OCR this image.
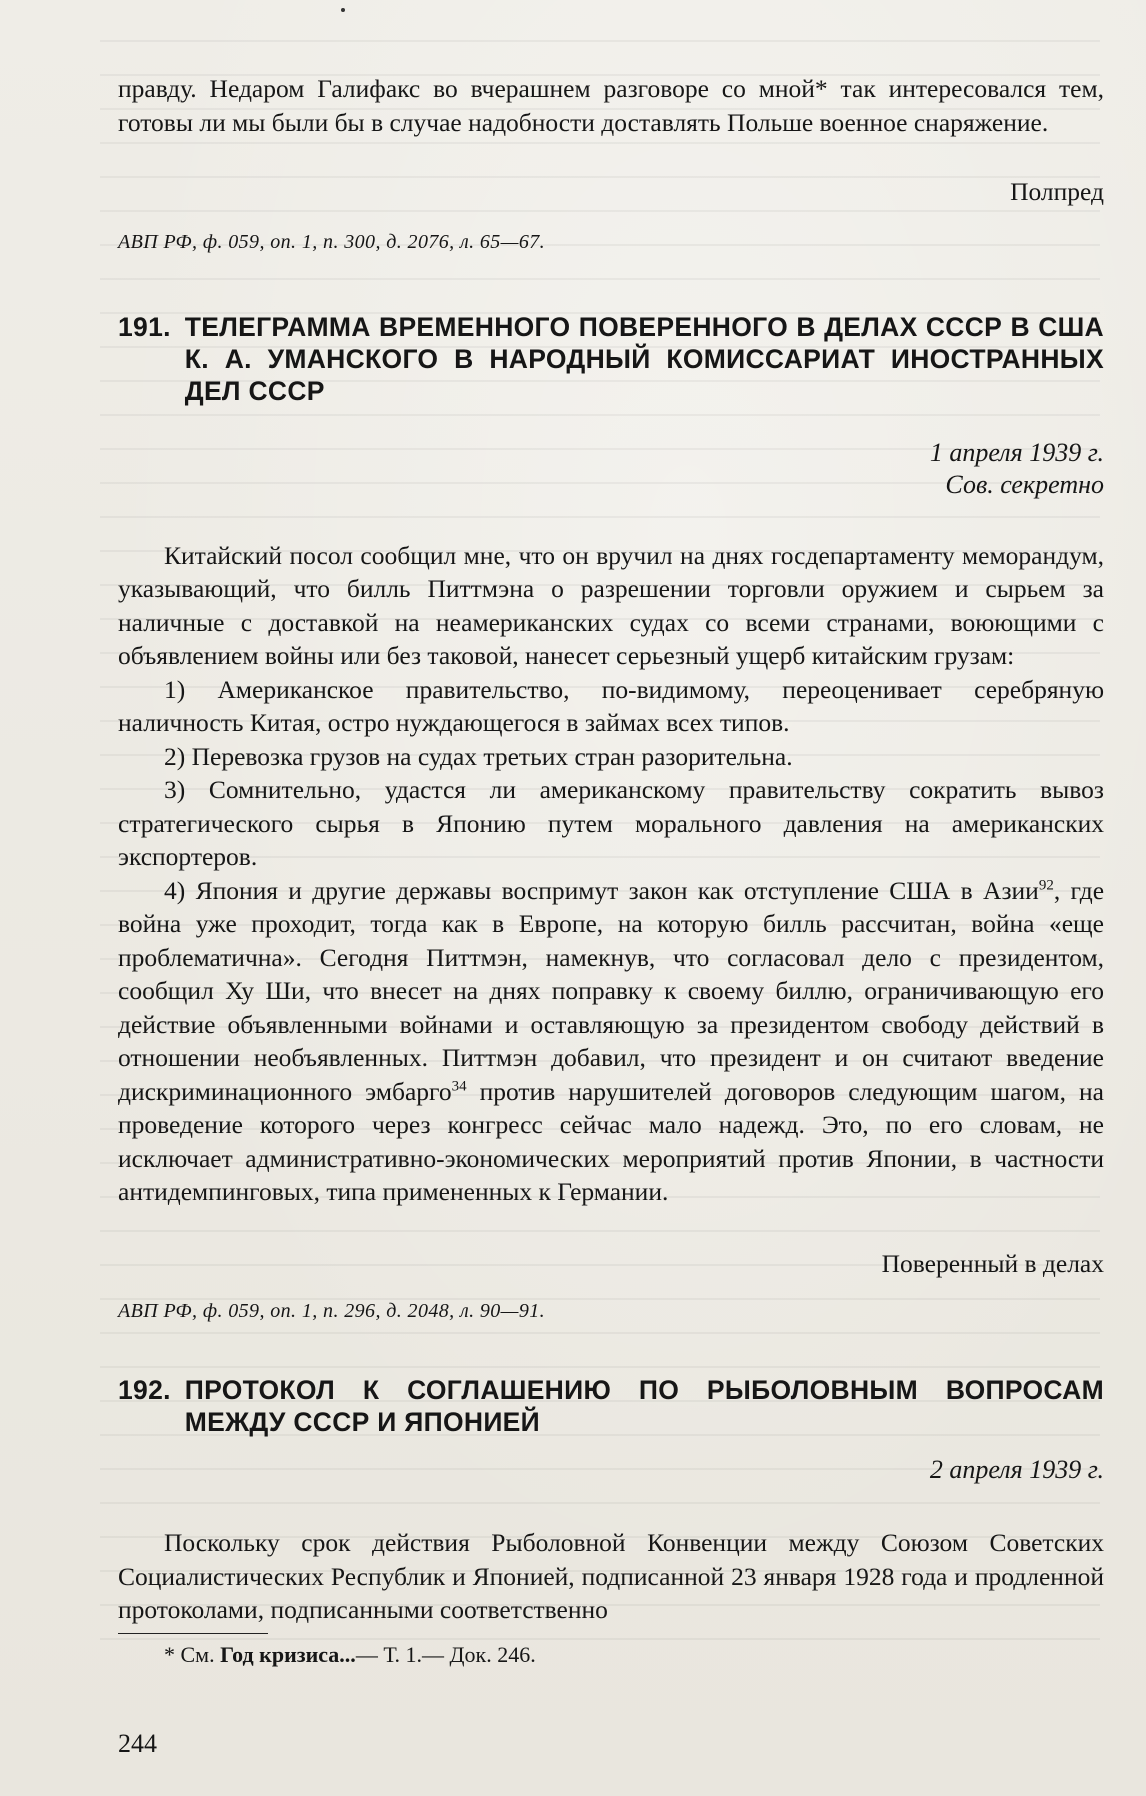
правду. Недаром Галифакс во вчерашнем разговоре со мной* так интересовался тем, готовы ли мы были бы в случае надобности доставлять Польше военное снаряжение.

Полпред

АВП РФ, ф. 059, оп. 1, п. 300, д. 2076, л. 65—67.

191. ТЕЛЕГРАММА ВРЕМЕННОГО ПОВЕРЕННОГО В ДЕЛАХ СССР В США К. А. УМАНСКОГО В НАРОДНЫЙ КОМИССАРИАТ ИНОСТРАННЫХ ДЕЛ СССР

1 апреля 1939 г.

Сов. секретно

Китайский посол сообщил мне, что он вручил на днях госдепартаменту меморандум, указывающий, что билль Питтмэна о разрешении торговли оружием и сырьем за наличные с доставкой на неамериканских судах со всеми странами, воюющими с объявлением войны или без таковой, нанесет серьезный ущерб китайским грузам:

1) Американское правительство, по-видимому, переоценивает серебряную наличность Китая, остро нуждающегося в займах всех типов.

2) Перевозка грузов на судах третьих стран разорительна.

3) Сомнительно, удастся ли американскому правительству сократить вывоз стратегического сырья в Японию путем морального давления на американских экспортеров.

4) Япония и другие державы воспримут закон как отступление США в Азии$^{92}$, где война уже проходит, тогда как в Европе, на которую билль рассчитан, война «еще проблематична». Сегодня Питтмэн, намекнув, что согласовал дело с президентом, сообщил Ху Ши, что внесет на днях поправку к своему биллю, ограничивающую его действие объявленными войнами и оставляющую за президентом свободу действий в отношении необъявленных. Питтмэн добавил, что президент и он считают введение дискриминационного эмбарго$^{34}$ против нарушителей договоров следующим шагом, на проведение которого через конгресс сейчас мало надежд. Это, по его словам, не исключает административно-экономических мероприятий против Японии, в частности антидемпинговых, типа примененных к Германии.

Поверенный в делах

АВП РФ, ф. 059, оп. 1, п. 296, д. 2048, л. 90—91.

192. ПРОТОКОЛ К СОГЛАШЕНИЮ ПО РЫБОЛОВНЫМ ВОПРОСАМ МЕЖДУ СССР И ЯПОНИЕЙ

2 апреля 1939 г.

Поскольку срок действия Рыболовной Конвенции между Союзом Советских Социалистических Республик и Японией, подписанной 23 января 1928 года и продленной протоколами, подписанными соответственно

* См. Год кризиса...— Т. 1.— Док. 246.

244
